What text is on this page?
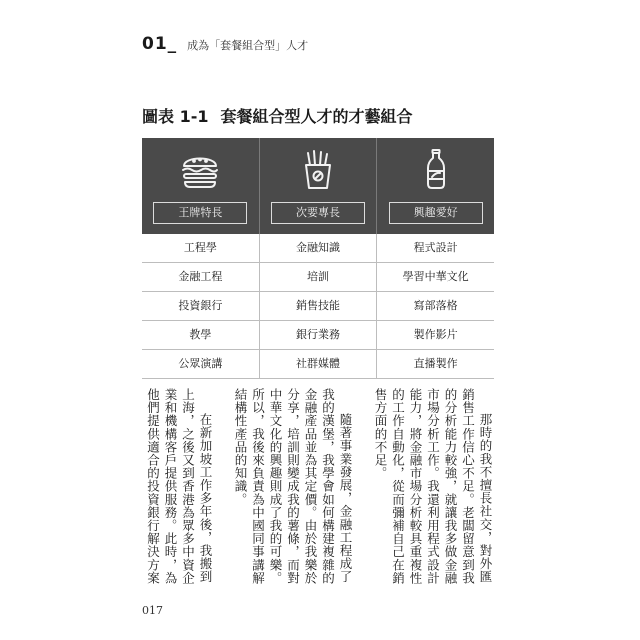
01_ 成為「套餐組合型」人才
圖表 1-1 套餐組合型人才的才藝組合
王牌特長	次要專長	興趣愛好
工程學	金融知識	程式設計
金融工程	培訓	學習中華文化
投資銀行	銷售技能	寫部落格
教學	銀行業務	製作影片
公眾演講	社群媒體	直播製作

那時的我不擅長社交，對外匯銷售工作信心不足。老闆留意到我的分析能力較強，就讓我多做金融市場分析工作。我還利用程式設計能力，將金融市場分析較具重複性的工作自動化，從而彌補自己在銷售方面的不足。

隨著事業發展，金融工程成了我的漢堡，我學會如何構建複雜的金融產品並為其定價。由於我樂於分享，培訓則變成我的薯條，而對中華文化的興趣則成了我的可樂。所以，我後來負責為中國同事講解結構性產品的知識。

在新加坡工作多年後，我搬到上海，之後又到香港為眾多中資企業和機構客戶提供服務。此時，為他們提供適合的投資銀行解決方案

017
